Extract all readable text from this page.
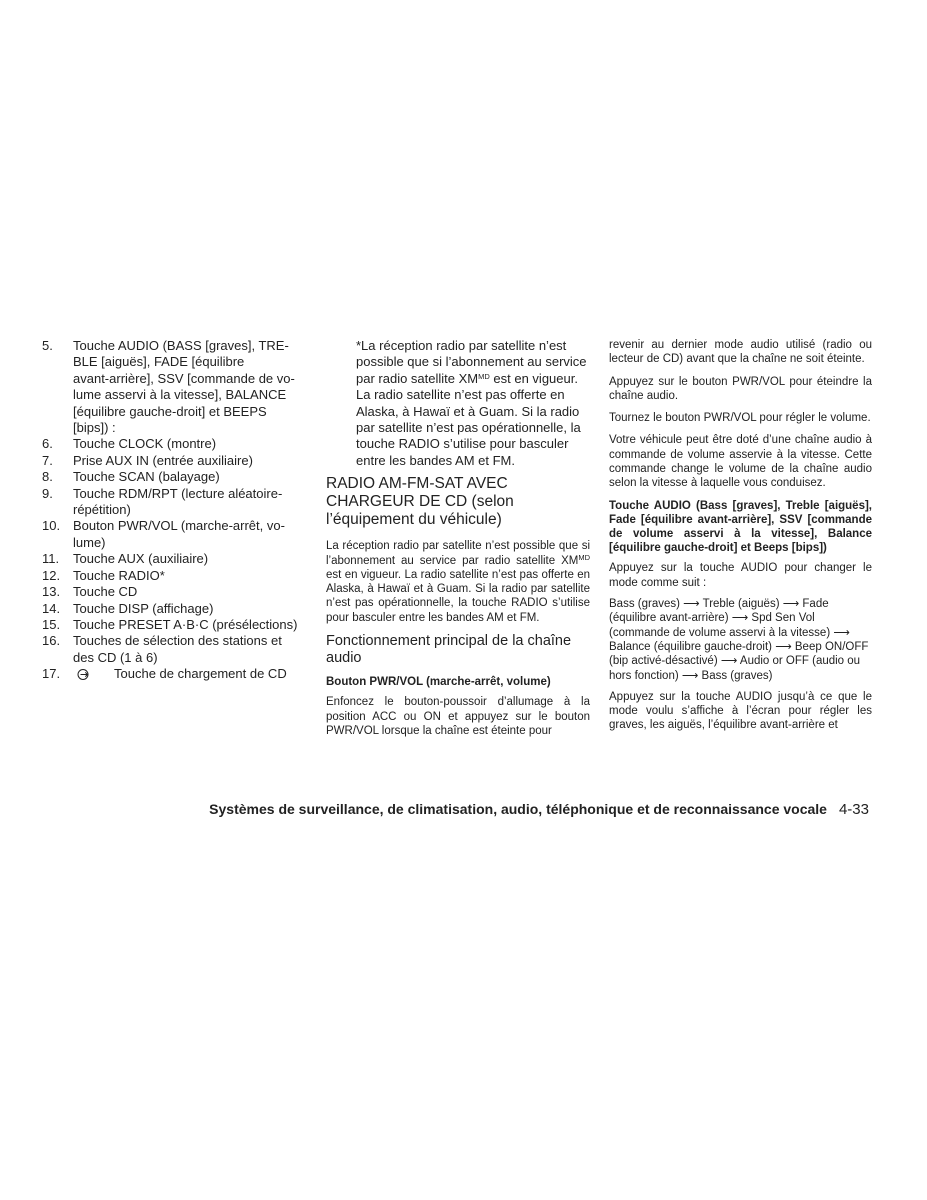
5.	Touche AUDIO (BASS [graves], TRE-
BLE [aiguës], FADE [équilibre
avant-arrière], SSV [commande de vo-
lume asservi à la vitesse], BALANCE
[équilibre gauche-droit] et BEEPS
[bips]) :
6.	Touche CLOCK (montre)
7.	Prise AUX IN (entrée auxiliaire)
8.	Touche SCAN (balayage)
9.	Touche RDM/RPT (lecture aléatoire-
répétition)
10. Bouton PWR/VOL (marche-arrêt, vo-
lume)
11.	Touche AUX (auxiliaire)
12. Touche RADIO*
13. Touche CD
14. Touche DISP (affichage)
15. Touche PRESET A·B·C (présélections)
16. Touches de sélection des stations et
des CD (1 à 6)
17.	Touche de chargement de CD

*La réception radio par satellite n’est
possible que si l’abonnement au service
par radio satellite $XM^{MD}$ est en vigueur.
La radio satellite n’est pas offerte en
Alaska, à Hawaï et à Guam. Si la radio
par satellite n’est pas opérationnelle, la
touche RADIO s’utilise pour basculer
entre les bandes AM et FM.

RADIO AM-FM-SAT AVEC
CHARGEUR DE CD (selon
l’équipement du véhicule)

La réception radio par satellite n’est possible que si l’abonnement au service par radio satellite $XM^{MD}$ est en vigueur. La radio satellite n’est pas offerte en Alaska, à Hawaï et à Guam. Si la radio par satellite n’est pas opérationnelle, la touche RADIO s’utilise pour basculer entre les bandes AM et FM.

Fonctionnement principal de la chaîne
audio
Bouton PWR/VOL (marche-arrêt, volume)

Enfoncez le bouton-poussoir d’allumage à la position ACC ou ON et appuyez sur le bouton PWR/VOL lorsque la chaîne est éteinte pour

revenir au dernier mode audio utilisé (radio ou lecteur de CD) avant que la chaîne ne soit éteinte.

Appuyez sur le bouton PWR/VOL pour éteindre la chaîne audio.

Tournez le bouton PWR/VOL pour régler le volume.

Votre véhicule peut être doté d’une chaîne audio à commande de volume asservie à la vitesse. Cette commande change le volume de la chaîne audio selon la vitesse à laquelle vous conduisez.

Touche AUDIO (Bass [graves], Treble [aiguës], Fade [équilibre avant-arrière], SSV [commande de volume asservi à la vitesse], Balance [équilibre gauche-droit] et Beeps [bips])

Appuyez sur la touche AUDIO pour changer le mode comme suit :

Bass (graves) ⟶ Treble (aiguës) ⟶ Fade (équilibre avant-arrière) ⟶ Spd Sen Vol (commande de volume asservi à la vitesse) ⟶ Balance (équilibre gauche-droit) ⟶ Beep ON/OFF (bip activé-désactivé) ⟶ Audio or OFF (audio ou hors fonction) ⟶ Bass (graves)

Appuyez sur la touche AUDIO jusqu’à ce que le mode voulu s’affiche à l’écran pour régler les graves, les aiguës, l’équilibre avant-arrière et

Systèmes de surveillance, de climatisation, audio, téléphonique et de reconnaissance vocale 4-33
